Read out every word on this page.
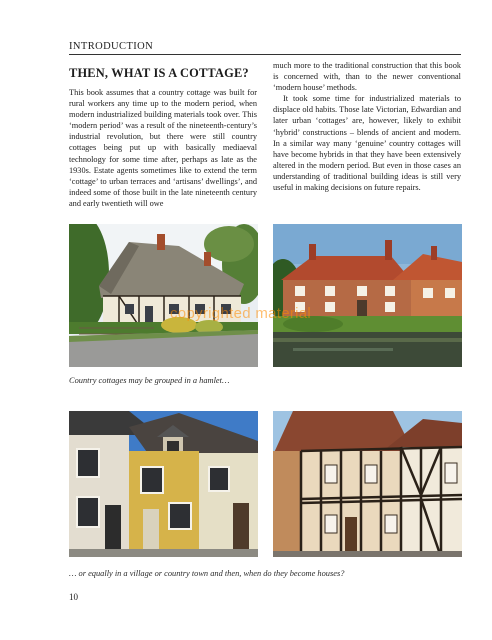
INTRODUCTION
THEN, WHAT IS A COTTAGE?

This book assumes that a country cottage was built for rural workers any time up to the modern period, when modern industrialized building materials took over. This ‘modern period’ was a result of the nineteenth-century’s industrial revolution, but there were still country cottages being put up with basically mediaeval technology for some time after, perhaps as late as the 1930s. Estate agents sometimes like to extend the term ‘cottage’ to urban terraces and ‘artisans’ dwellings’, and indeed some of those built in the late nineteenth century and early twentieth will owe

much more to the traditional construction that this book is concerned with, than to the newer conventional ‘modern house’ methods.

It took some time for industrialized materials to displace old habits. Those late Victorian, Edwardian and later urban ‘cottages’ are, however, likely to exhibit ‘hybrid’ constructions – blends of ancient and modern. In a similar way many ‘genuine’ country cottages will have become hybrids in that they have been extensively altered in the modern period. But even in those cases an understanding of traditional building ideas is still very useful in making decisions on future repairs.

Country cottages may be grouped in a hamlet…
… or equally in a village or country town and then, when do they become houses?
10
copyrighted material
